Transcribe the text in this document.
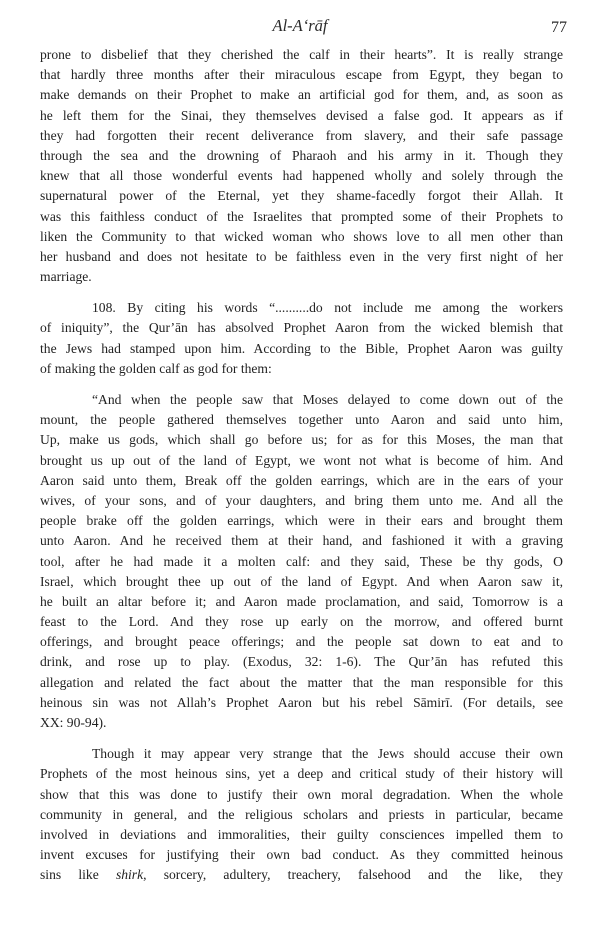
Al-A‘rāf	77
prone to disbelief that they cherished the calf in their hearts”. It is really strange
that hardly three months after their miraculous escape from Egypt, they began to
make demands on their Prophet to make an artificial god for them, and, as soon as
he left them for the Sinai, they themselves devised a false god. It appears as if
they had forgotten their recent deliverance from slavery, and their safe passage
through the sea and the drowning of Pharaoh and his army in it. Though they
knew that all those wonderful events had happened wholly and solely through the
supernatural power of the Eternal, yet they shame-facedly forgot their Allah. It
was this faithless conduct of the Israelites that prompted some of their Prophets to
liken the Community to that wicked woman who shows love to all men other than
her husband and does not hesitate to be faithless even in the very first night of her
marriage.
108. By citing his words “..........do not include me among the workers
of iniquity”, the Qur’ān has absolved Prophet Aaron from the wicked blemish that
the Jews had stamped upon him. According to the Bible, Prophet Aaron was guilty
of making the golden calf as god for them:
“And when the people saw that Moses delayed to come down out of the
mount, the people gathered themselves together unto Aaron and said unto him,
Up, make us gods, which shall go before us; for as for this Moses, the man that
brought us up out of the land of Egypt, we wont not what is become of him. And
Aaron said unto them, Break off the golden earrings, which are in the ears of your
wives, of your sons, and of your daughters, and bring them unto me. And all the
people brake off the golden earrings, which were in their ears and brought them
unto Aaron. And he received them at their hand, and fashioned it with a graving
tool, after he had made it a molten calf: and they said, These be thy gods, O
Israel, which brought thee up out of the land of Egypt. And when Aaron saw it,
he built an altar before it; and Aaron made proclamation, and said, Tomorrow is a
feast to the Lord. And they rose up early on the morrow, and offered burnt
offerings, and brought peace offerings; and the people sat down to eat and to
drink, and rose up to play. (Exodus, 32: 1-6). The Qur’ān has refuted this
allegation and related the fact about the matter that the man responsible for this
heinous sin was not Allah’s Prophet Aaron but his rebel Sāmirī. (For details, see
XX: 90-94).
Though it may appear very strange that the Jews should accuse their own
Prophets of the most heinous sins, yet a deep and critical study of their history will
show that this was done to justify their own moral degradation. When the whole
community in general, and the religious scholars and priests in particular, became
involved in deviations and immoralities, their guilty consciences impelled them to
invent excuses for justifying their own bad conduct. As they committed heinous
sins like shirk, sorcery, adultery, treachery, falsehood and the like, they
